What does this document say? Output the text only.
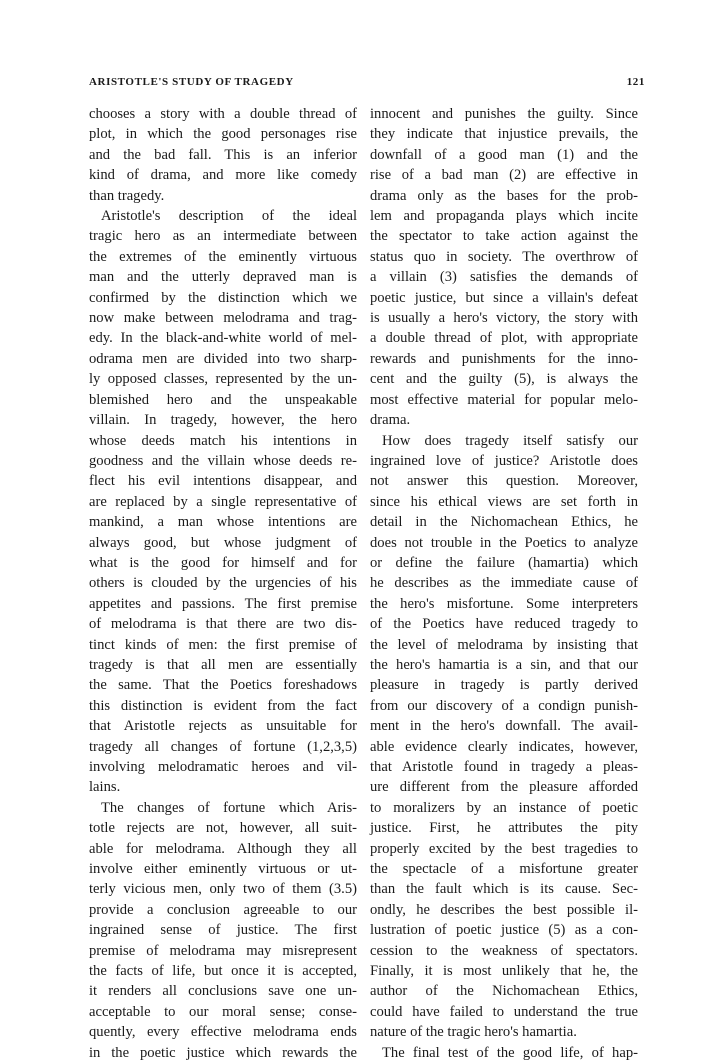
ARISTOTLE'S STUDY OF TRAGEDY	121
chooses a story with a double thread of
plot, in which the good personages rise
and the bad fall. This is an inferior
kind of drama, and more like comedy
than tragedy.
Aristotle's description of the ideal
tragic hero as an intermediate between
the extremes of the eminently virtuous
man and the utterly depraved man is
confirmed by the distinction which we
now make between melodrama and trag-
edy. In the black-and-white world of mel-
odrama men are divided into two sharp-
ly opposed classes, represented by the un-
blemished hero and the unspeakable
villain. In tragedy, however, the hero
whose deeds match his intentions in
goodness and the villain whose deeds re-
flect his evil intentions disappear, and
are replaced by a single representative of
mankind, a man whose intentions are
always good, but whose judgment of
what is the good for himself and for
others is clouded by the urgencies of his
appetites and passions. The first premise
of melodrama is that there are two dis-
tinct kinds of men: the first premise of
tragedy is that all men are essentially
the same. That the Poetics foreshadows
this distinction is evident from the fact
that Aristotle rejects as unsuitable for
tragedy all changes of fortune (1,2,3,5)
involving melodramatic heroes and vil-
lains.
The changes of fortune which Aris-
totle rejects are not, however, all suit-
able for melodrama. Although they all
involve either eminently virtuous or ut-
terly vicious men, only two of them (3.5)
provide a conclusion agreeable to our
ingrained sense of justice. The first
premise of melodrama may misrepresent
the facts of life, but once it is accepted,
it renders all conclusions save one un-
acceptable to our moral sense; conse-
quently, every effective melodrama ends
in the poetic justice which rewards the
innocent and punishes the guilty. Since
they indicate that injustice prevails, the
downfall of a good man (1) and the
rise of a bad man (2) are effective in
drama only as the bases for the prob-
lem and propaganda plays which incite
the spectator to take action against the
status quo in society. The overthrow of
a villain (3) satisfies the demands of
poetic justice, but since a villain's defeat
is usually a hero's victory, the story with
a double thread of plot, with appropriate
rewards and punishments for the inno-
cent and the guilty (5), is always the
most effective material for popular melo-
drama.
How does tragedy itself satisfy our
ingrained love of justice? Aristotle does
not answer this question. Moreover,
since his ethical views are set forth in
detail in the Nichomachean Ethics, he
does not trouble in the Poetics to analyze
or define the failure (hamartia) which
he describes as the immediate cause of
the hero's misfortune. Some interpreters
of the Poetics have reduced tragedy to
the level of melodrama by insisting that
the hero's hamartia is a sin, and that our
pleasure in tragedy is partly derived
from our discovery of a condign punish-
ment in the hero's downfall. The avail-
able evidence clearly indicates, however,
that Aristotle found in tragedy a pleas-
ure different from the pleasure afforded
to moralizers by an instance of poetic
justice. First, he attributes the pity
properly excited by the best tragedies to
the spectacle of a misfortune greater
than the fault which is its cause. Sec-
ondly, he describes the best possible il-
lustration of poetic justice (5) as a con-
cession to the weakness of spectators.
Finally, it is most unlikely that he, the
author of the Nichomachean Ethics,
could have failed to understand the true
nature of the tragic hero's hamartia.
The final test of the good life, of hap-
